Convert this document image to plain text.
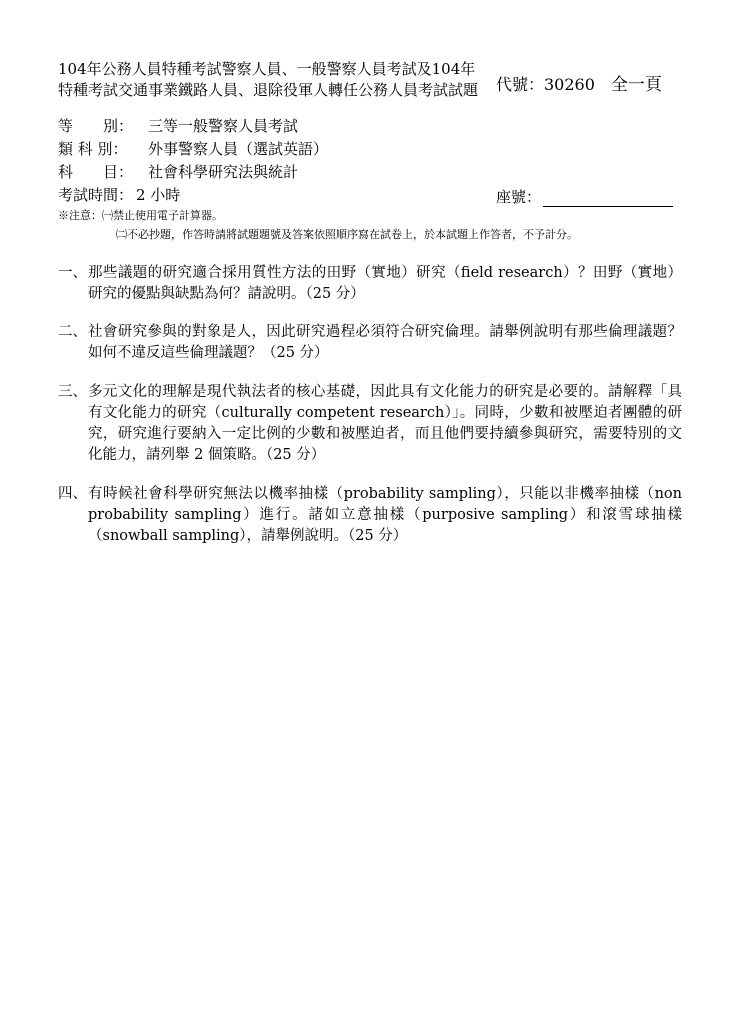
104年公務人員特種考試警察人員、一般警察人員考試及104年
特種考試交通事業鐵路人員、退除役軍人轉任公務人員考試試題	代號：30260 全一頁
等　　別： 三等一般警察人員考試
類 科 別： 外事警察人員（選試英語）
科　　目： 社會科學研究法與統計
考試時間： 2 小時	座號：
※注意：㈠禁止使用電子計算器。
㈡不必抄題，作答時請將試題題號及答案依照順序寫在試卷上，於本試題上作答者，不予計分。
一、 那些議題的研究適合採用質性方法的田野（實地）研究（field research）？田野（實地）研究的優點與缺點為何？請說明。（25 分）
二、 社會研究參與的對象是人，因此研究過程必須符合研究倫理。請舉例說明有那些倫理議題？如何不違反這些倫理議題？（25 分）
三、 多元文化的理解是現代執法者的核心基礎，因此具有文化能力的研究是必要的。請解釋「具有文化能力的研究（culturally competent research）」。同時，少數和被壓迫者團體的研究，研究進行要納入一定比例的少數和被壓迫者，而且他們要持續參與研究，需要特別的文化能力，請列舉 2 個策略。（25 分）
四、 有時候社會科學研究無法以機率抽樣（probability sampling），只能以非機率抽樣（non probability sampling）進行。諸如立意抽樣（purposive sampling）和滾雪球抽樣（snowball sampling），請舉例說明。（25 分）
